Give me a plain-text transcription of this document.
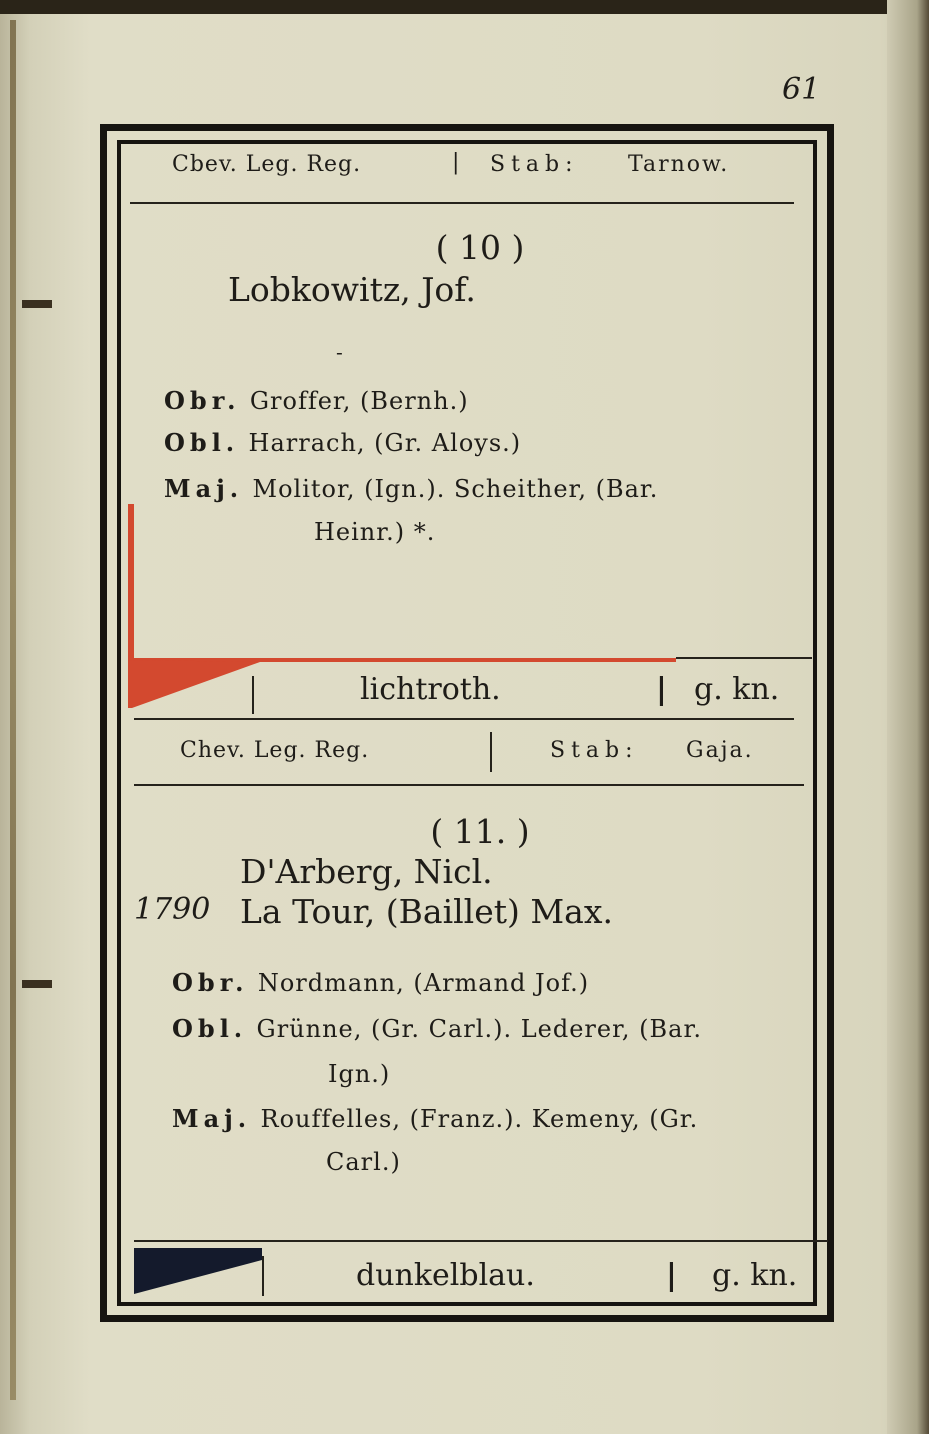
61
Cbev. Leg. Reg.	| Stab: Tarnow.
( 10 )
Lobkowitz, Jof.
-
Obr. Groffer, (Bernh.)
Obl. Harrach, (Gr. Aloys.)
Maj. Molitor, (Ign.). Scheither, (Bar.
Heinr.) *.
lichtroth.	| g. kn.
Chev. Leg. Reg.	Stab: Gaja.
( 11. )
D'Arberg, Nicl.
1790 La Tour, (Baillet) Max.
Obr. Nordmann, (Armand Jof.)
Obl. Grünne, (Gr. Carl.). Lederer, (Bar.
Ign.)
Maj. Rouffelles, (Franz.). Kemeny, (Gr.
Carl.)
dunkelblau.	| g. kn.
